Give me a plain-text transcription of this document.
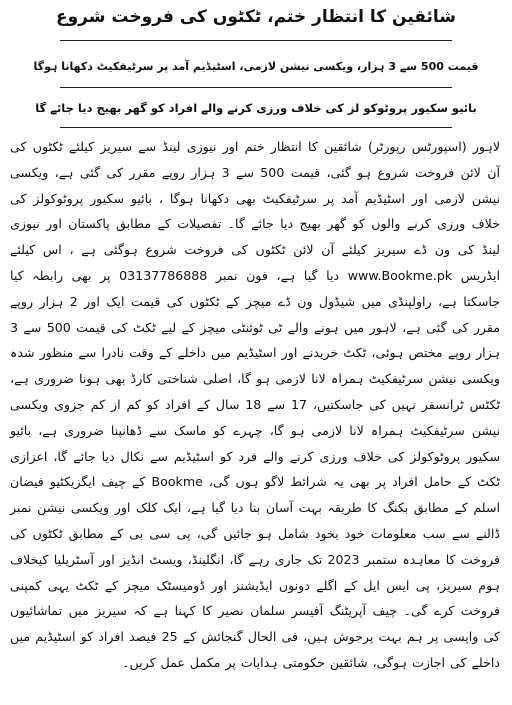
شائقین کا انتظار ختم، ٹکٹوں کی فروخت شروع
قیمت 500 سے 3 ہزار، ویکسی نیشن لازمی، اسٹیڈیم آمد پر سرٹیفکیٹ دکھانا ہوگا
بائیو سکیور پروٹوکو لز کی خلاف ورزی کرنے والے افراد کو گھر بھیج دیا جائے گا

لاہور (اسپورٹس رپورٹر) شائقین کا انتظار ختم اور نیوزی لینڈ سے سیریز کیلئے ٹکٹوں کی آن لائن فروخت شروع ہو گئی، قیمت 500 سے 3 ہزار روپے مقرر کی گئی ہے، ویکسی نیشن لازمی اور اسٹیڈیم آمد پر سرٹیفکیٹ بھی دکھانا ہوگا ، بائیو سکیور پروٹوکولز کی خلاف ورزی کرنے والوں کو گھر بھیج دیا جائے گا۔ تفصیلات کے مطابق پاکستان اور نیوزی لینڈ کی ون ڈے سیریز کیلئے آن لائن ٹکٹوں کی فروخت شروع ہوگئی ہے ، اس کیلئے ایڈریس www.Bookme.pk دیا گیا ہے، فون نمبر 03137786888 پر بھی رابطہ کیا جاسکتا ہے، راولپنڈی میں شیڈول ون ڈے میچز کے ٹکٹوں کی قیمت ایک اور 2 ہزار روپے مقرر کی گئی ہے، لاہور میں ہونے والے ٹی ٹوئنٹی میچز کے لیے ٹکٹ کی قیمت 500 سے 3 ہزار روپے مختص ہوئی، ٹکٹ خریدنے اور اسٹیڈیم میں داخلے کے وقت نادرا سے منظور شدہ ویکسی نیشن سرٹیفکیٹ ہمراہ لانا لازمی ہو گا، اصلی شناختی کارڈ بھی ہونا ضروری ہے، ٹکٹس ٹرانسفر نہیں کی جاسکتیں، 17 سے 18 سال کے افراد کو کم از کم جزوی ویکسی نیشن سرٹیفکیٹ ہمراہ لانا لازمی ہو گا، چہرے کو ماسک سے ڈھانپنا ضروری ہے، بائیو سکیور پروٹوکولز کی خلاف ورزی کرنے والے فرد کو اسٹیڈیم سے نکال دیا جائے گا، اعزازی ٹکٹ کے حامل افراد پر بھی یہ شرائط لاگو ہوں گی، Bookme کے چیف ایگزیکٹیو فیضان اسلم کے مطابق بکنگ کا طریقہ بہت آسان بنا دیا گیا ہے، ایک کلک اور ویکسی نیشن نمبر ڈالنے سے سب معلومات خود بخود شامل ہو جائیں گی، پی سی بی کے مطابق ٹکٹوں کی فروخت کا معاہدہ ستمبر 2023 تک جاری رہے گا، انگلینڈ، ویسٹ انڈیز اور آسٹریلیا کیخلاف ہوم سیریز، پی ایس ایل کے اگلے دونوں ایڈیشنز اور ڈومیسٹک میچز کے ٹکٹ یہی کمپنی فروخت کرے گی۔ چیف آپریٹنگ آفیسر سلمان نصیر کا کہنا ہے کہ سیریز میں تماشائیوں کی واپسی پر ہم بہت پرجوش ہیں، فی الحال گنجائش کے 25 فیصد افراد کو اسٹیڈیم میں داخلے کی اجازت ہوگی، شائقین حکومتی ہدایات پر مکمل عمل کریں۔
